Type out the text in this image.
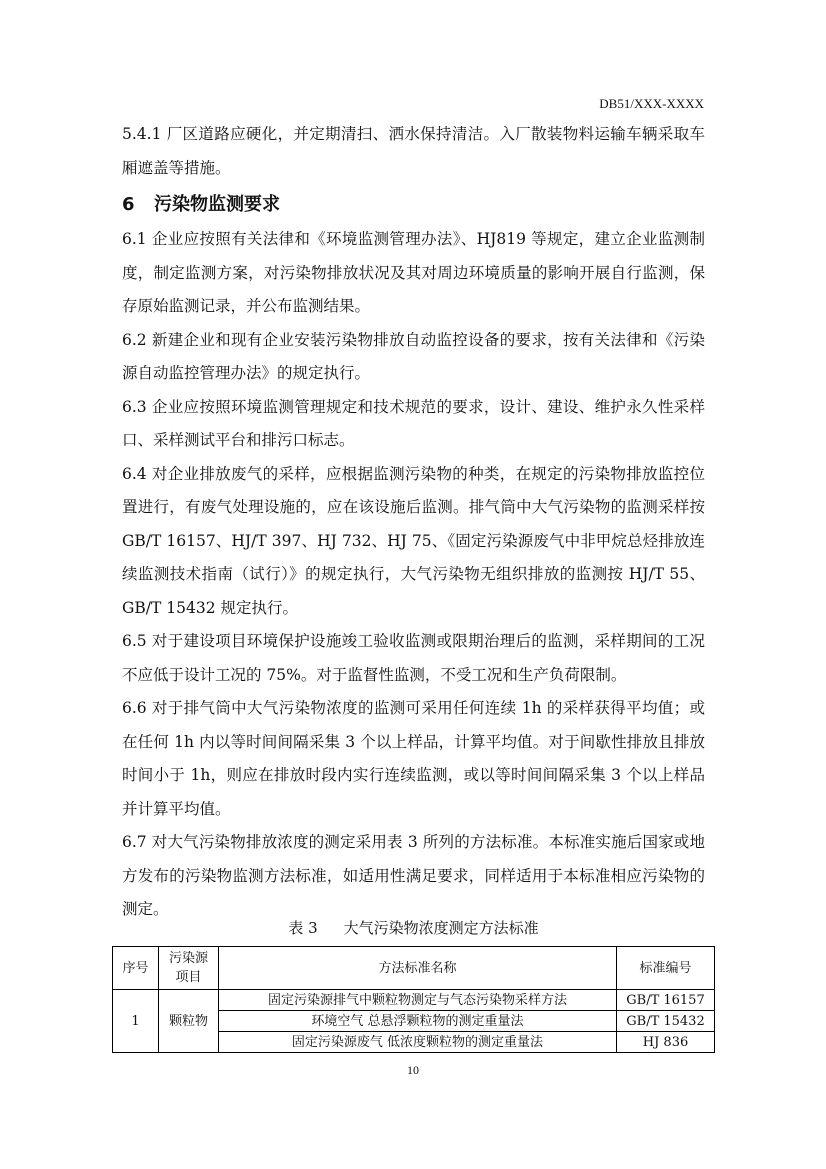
DB51/XXX-XXXX

5.4.1 厂区道路应硬化，并定期清扫、洒水保持清洁。入厂散装物料运输车辆采取车厢遮盖等措施。

6 污染物监测要求

6.1 企业应按照有关法律和《环境监测管理办法》、HJ819 等规定，建立企业监测制度，制定监测方案，对污染物排放状况及其对周边环境质量的影响开展自行监测，保存原始监测记录，并公布监测结果。

6.2 新建企业和现有企业安装污染物排放自动监控设备的要求，按有关法律和《污染源自动监控管理办法》的规定执行。

6.3 企业应按照环境监测管理规定和技术规范的要求，设计、建设、维护永久性采样口、采样测试平台和排污口标志。

6.4 对企业排放废气的采样，应根据监测污染物的种类，在规定的污染物排放监控位置进行，有废气处理设施的，应在该设施后监测。排气筒中大气污染物的监测采样按 GB/T 16157、HJ/T 397、HJ 732、HJ 75、《固定污染源废气中非甲烷总烃排放连续监测技术指南（试行）》的规定执行，大气污染物无组织排放的监测按 HJ/T 55、GB/T 15432 规定执行。

6.5 对于建设项目环境保护设施竣工验收监测或限期治理后的监测，采样期间的工况不应低于设计工况的 75%。对于监督性监测，不受工况和生产负荷限制。

6.6 对于排气筒中大气污染物浓度的监测可采用任何连续 1h 的采样获得平均值；或在任何 1h 内以等时间间隔采集 3 个以上样品，计算平均值。对于间歇性排放且排放时间小于 1h，则应在排放时段内实行连续监测，或以等时间间隔采集 3 个以上样品并计算平均值。

6.7 对大气污染物排放浓度的测定采用表 3 所列的方法标准。本标准实施后国家或地方发布的污染物监测方法标准，如适用性满足要求，同样适用于本标准相应污染物的测定。

表 3 大气污染物浓度测定方法标准
序号	污染源项目	方法标准名称	标准编号
1	颗粒物	固定污染源排气中颗粒物测定与气态污染物采样方法	GB/T 16157
		环境空气 总悬浮颗粒物的测定重量法	GB/T 15432
		固定污染源废气 低浓度颗粒物的测定重量法	HJ 836
10
